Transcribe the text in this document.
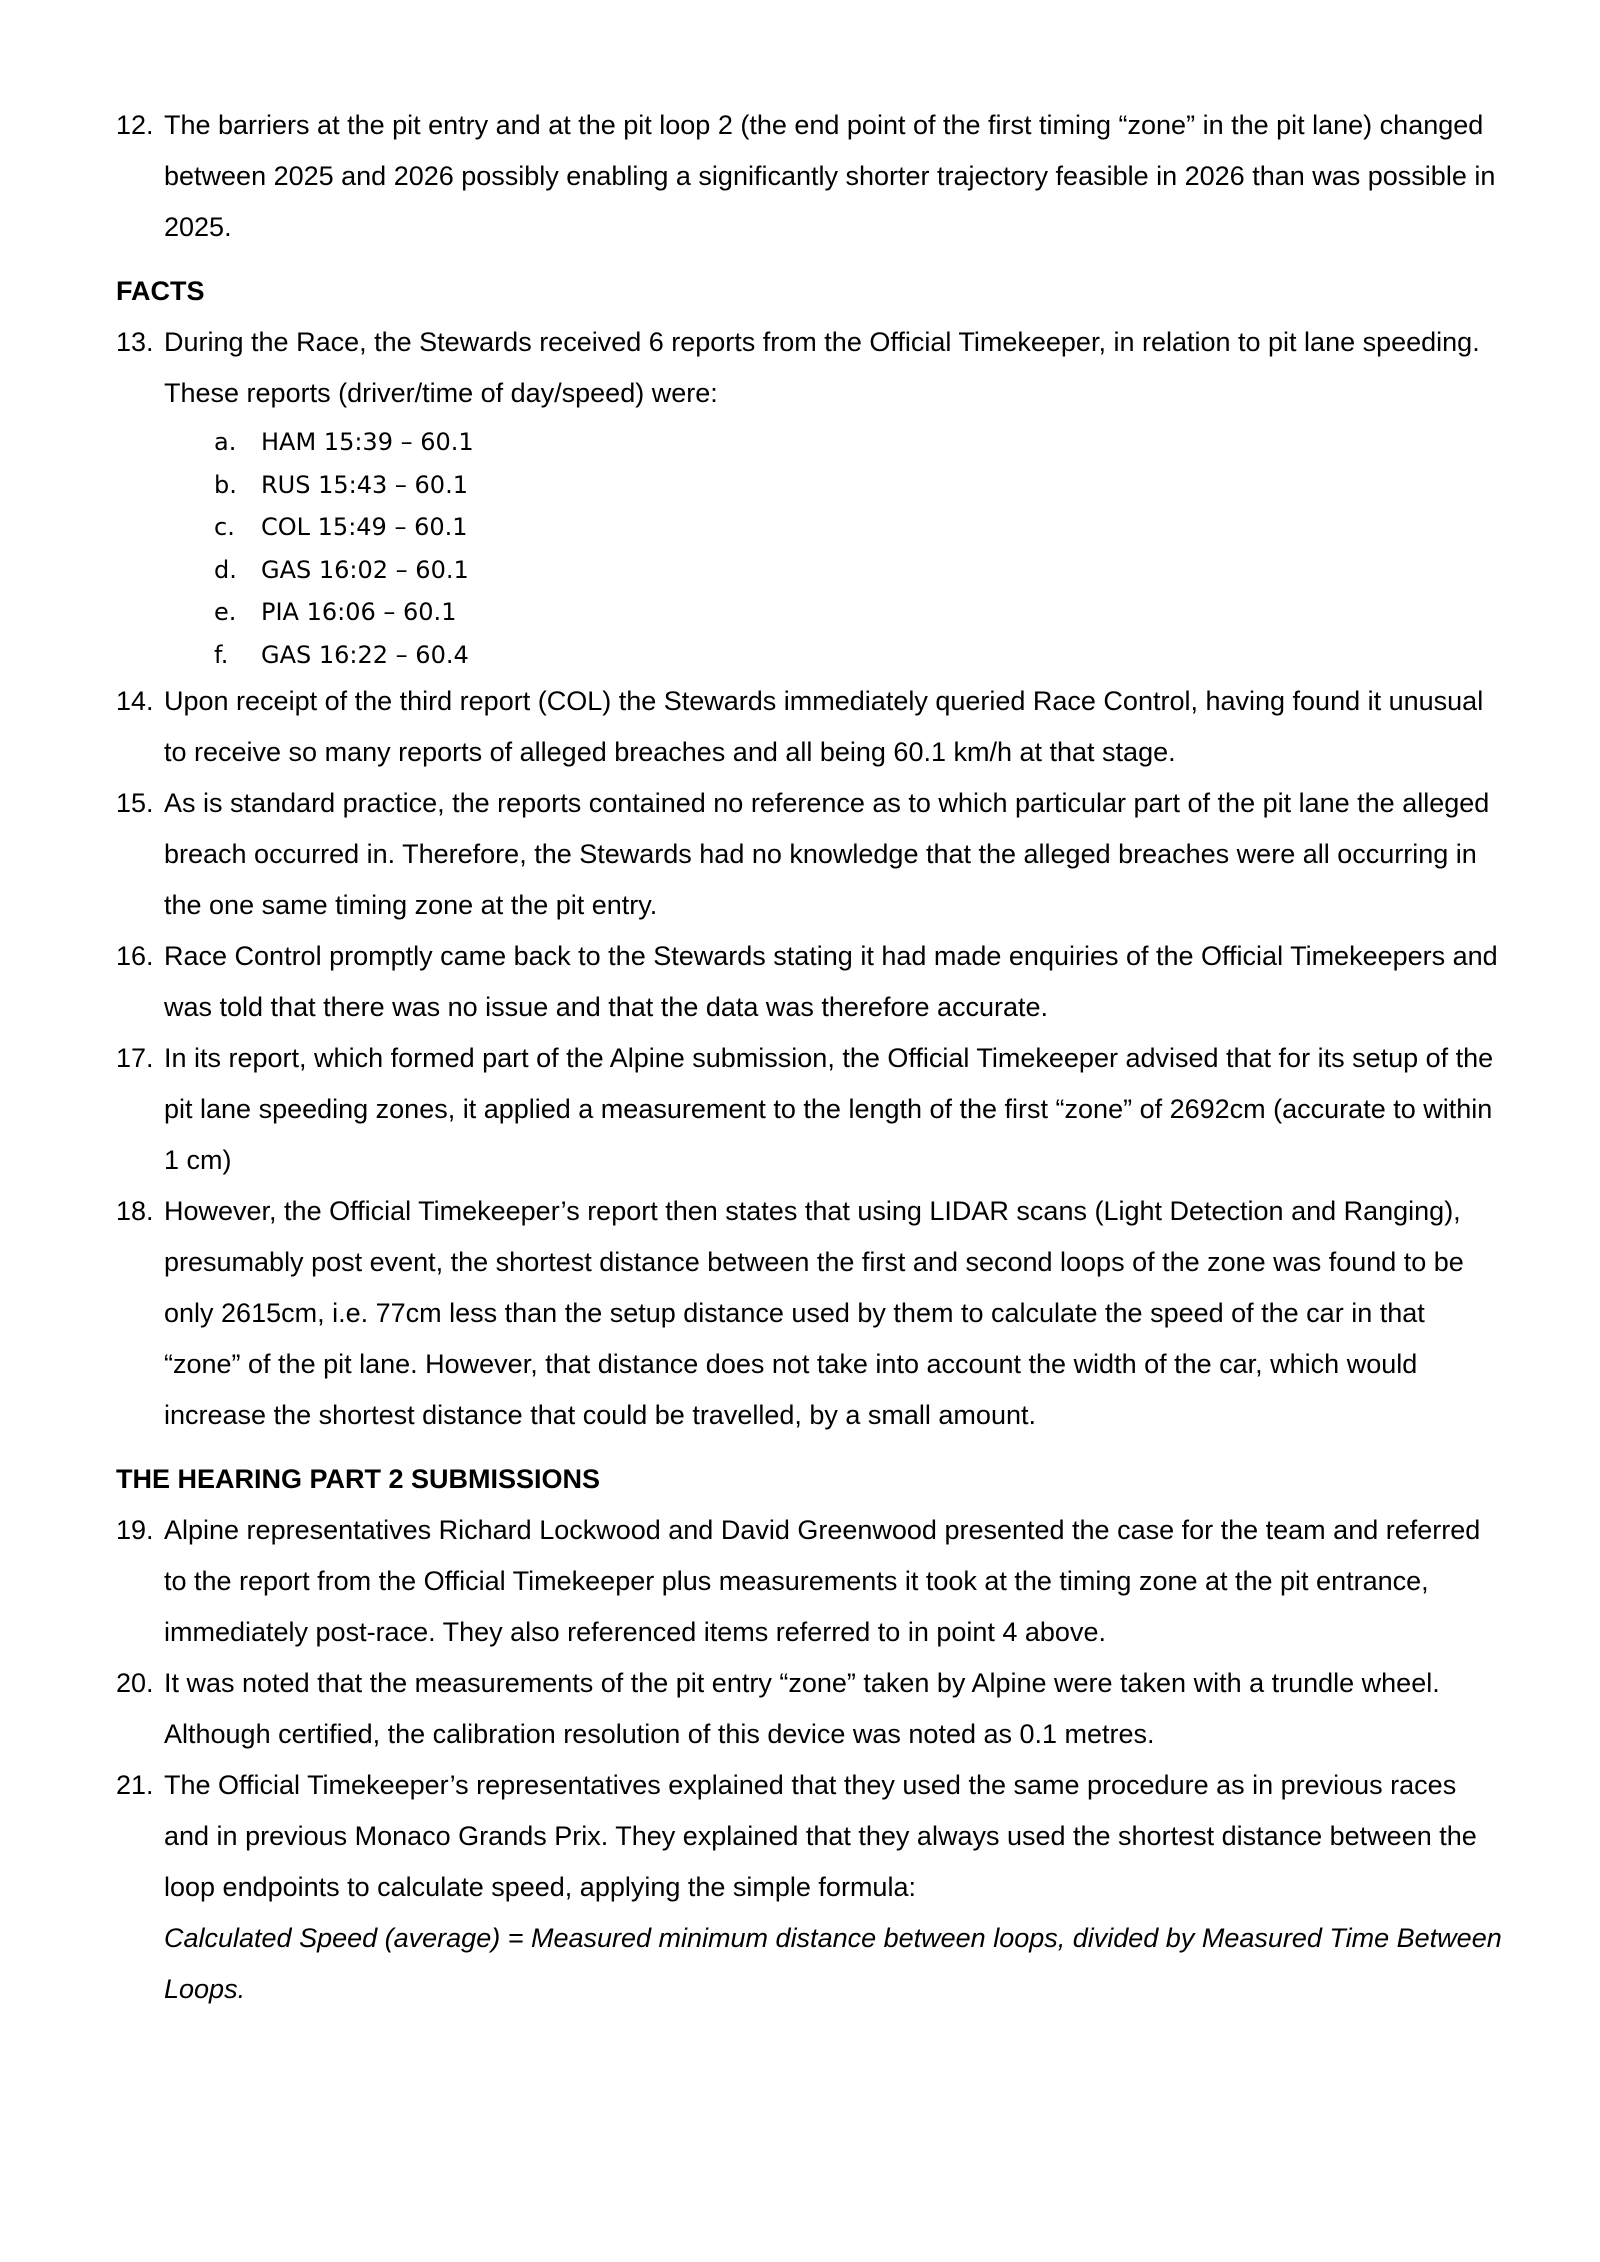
12. The barriers at the pit entry and at the pit loop 2 (the end point of the first timing “zone” in the pit lane) changed between 2025 and 2026 possibly enabling a significantly shorter trajectory feasible in 2026 than was possible in 2025.
FACTS
13. During the Race, the Stewards received 6 reports from the Official Timekeeper, in relation to pit lane speeding. These reports (driver/time of day/speed) were:
a. HAM 15:39 – 60.1
b. RUS 15:43 – 60.1
c. COL 15:49 – 60.1
d. GAS 16:02 – 60.1
e. PIA 16:06 – 60.1
f. GAS 16:22 – 60.4
14. Upon receipt of the third report (COL) the Stewards immediately queried Race Control, having found it unusual to receive so many reports of alleged breaches and all being 60.1 km/h at that stage.
15. As is standard practice, the reports contained no reference as to which particular part of the pit lane the alleged breach occurred in. Therefore, the Stewards had no knowledge that the alleged breaches were all occurring in the one same timing zone at the pit entry.
16. Race Control promptly came back to the Stewards stating it had made enquiries of the Official Timekeepers and was told that there was no issue and that the data was therefore accurate.
17. In its report, which formed part of the Alpine submission, the Official Timekeeper advised that for its setup of the pit lane speeding zones, it applied a measurement to the length of the first “zone” of 2692cm (accurate to within 1 cm)
18. However, the Official Timekeeper’s report then states that using LIDAR scans (Light Detection and Ranging), presumably post event, the shortest distance between the first and second loops of the zone was found to be only 2615cm, i.e. 77cm less than the setup distance used by them to calculate the speed of the car in that “zone” of the pit lane. However, that distance does not take into account the width of the car, which would increase the shortest distance that could be travelled, by a small amount.
THE HEARING PART 2 SUBMISSIONS
19. Alpine representatives Richard Lockwood and David Greenwood presented the case for the team and referred to the report from the Official Timekeeper plus measurements it took at the timing zone at the pit entrance, immediately post-race. They also referenced items referred to in point 4 above.
20. It was noted that the measurements of the pit entry “zone” taken by Alpine were taken with a trundle wheel. Although certified, the calibration resolution of this device was noted as 0.1 metres.
21. The Official Timekeeper’s representatives explained that they used the same procedure as in previous races and in previous Monaco Grands Prix. They explained that they always used the shortest distance between the loop endpoints to calculate speed, applying the simple formula:
Calculated Speed (average) = Measured minimum distance between loops, divided by Measured Time Between Loops.
